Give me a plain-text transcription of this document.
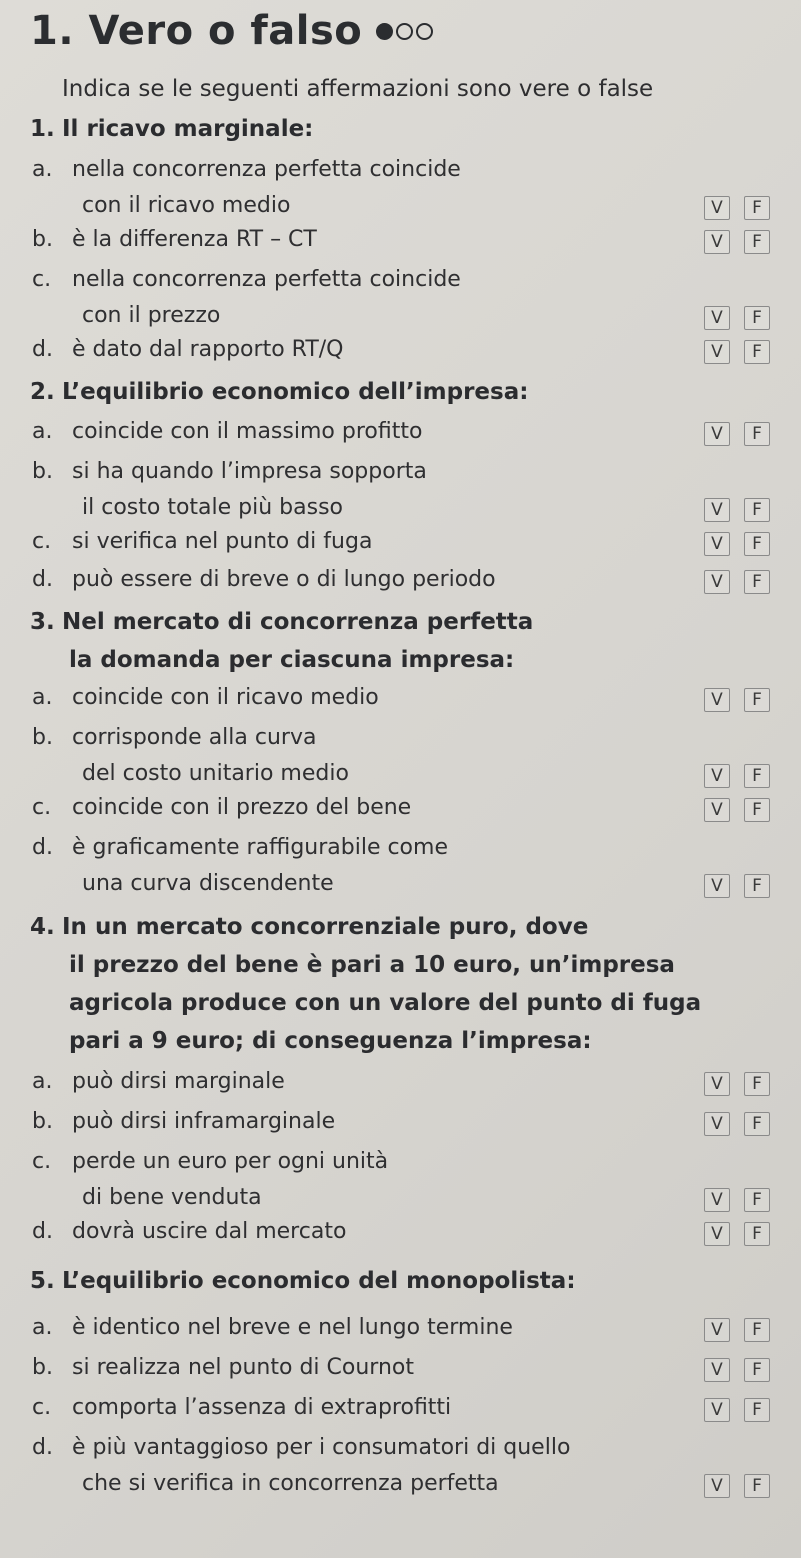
1. Vero o falso
Indica se le seguenti affermazioni sono vere o false
1. Il ricavo marginale:
a. nella concorrenza perfetta coincide
con il ricavo medio	V	F
b. è la differenza RT – CT	V	F
c. nella concorrenza perfetta coincide
con il prezzo	V	F
d. è dato dal rapporto RT/Q	V	F
2. L’equilibrio economico dell’impresa:
a. coincide con il massimo profitto	V	F
b. si ha quando l’impresa sopporta
il costo totale più basso	V	F
c. si verifica nel punto di fuga	V	F
d. può essere di breve o di lungo periodo	V	F
3. Nel mercato di concorrenza perfetta
la domanda per ciascuna impresa:
a. coincide con il ricavo medio	V	F
b. corrisponde alla curva
del costo unitario medio	V	F
c. coincide con il prezzo del bene	V	F
d. è graficamente raffigurabile come
una curva discendente	V	F
4. In un mercato concorrenziale puro, dove
il prezzo del bene è pari a 10 euro, un’impresa
agricola produce con un valore del punto di fuga
pari a 9 euro; di conseguenza l’impresa:
a. può dirsi marginale	V	F
b. può dirsi inframarginale	V	F
c. perde un euro per ogni unità
di bene venduta	V	F
d. dovrà uscire dal mercato	V	F
5. L’equilibrio economico del monopolista:
a. è identico nel breve e nel lungo termine	V	F
b. si realizza nel punto di Cournot	V	F
c. comporta l’assenza di extraprofitti	V	F
d. è più vantaggioso per i consumatori di quello
che si verifica in concorrenza perfetta	V	F
